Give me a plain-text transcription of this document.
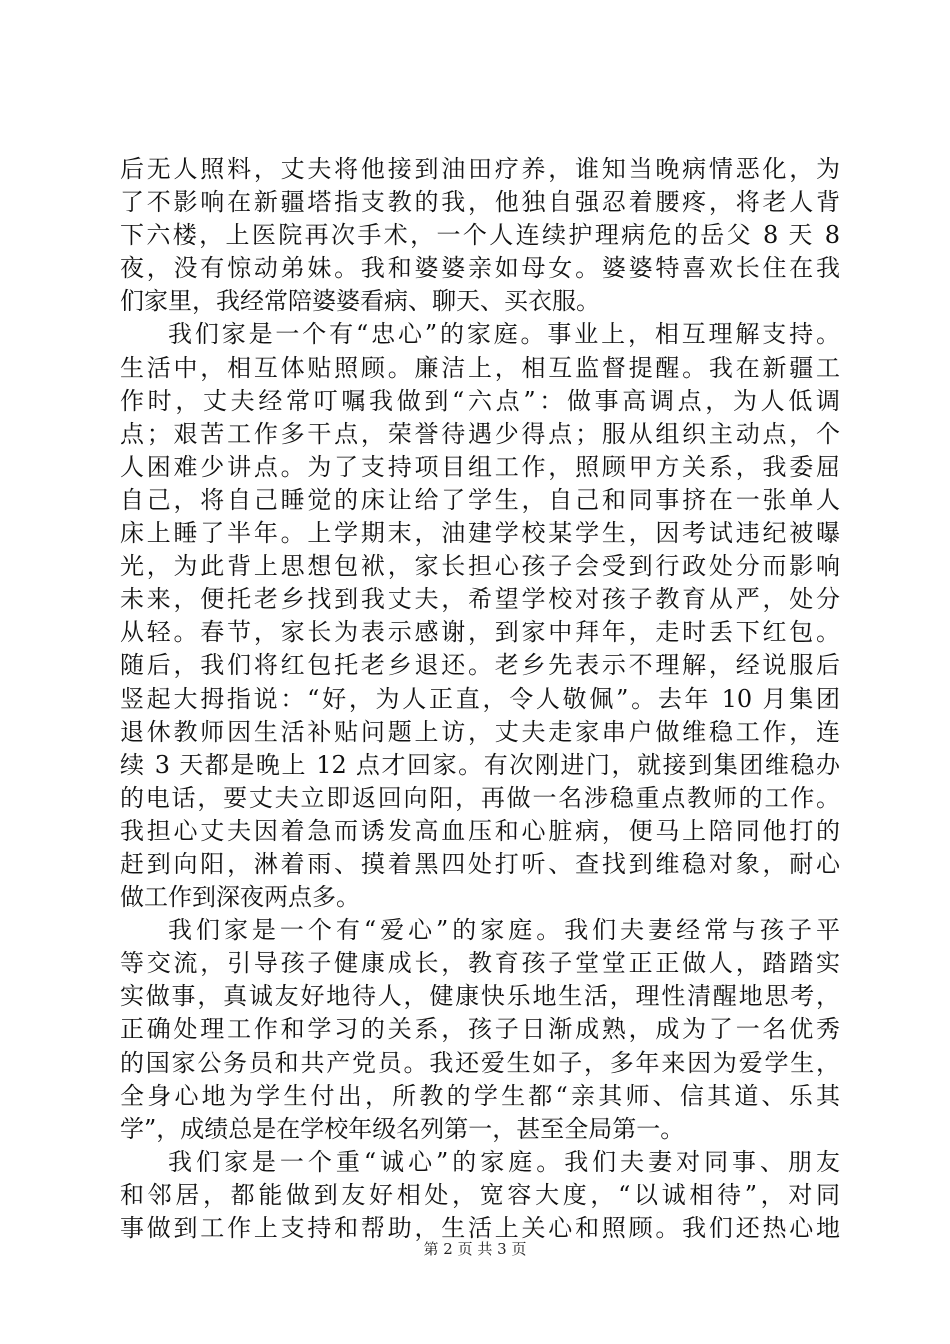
后无人照料，丈夫将他接到油田疗养，谁知当晚病情恶化，为
了不影响在新疆塔指支教的我，他独自强忍着腰疼，将老人背
下六楼，上医院再次手术，一个人连续护理病危的岳父 8 天 8
夜，没有惊动弟妹。我和婆婆亲如母女。婆婆特喜欢长住在我
们家里，我经常陪婆婆看病、聊天、买衣服。
我们家是一个有“忠心”的家庭。事业上，相互理解支持。
生活中，相互体贴照顾。廉洁上，相互监督提醒。我在新疆工
作时，丈夫经常叮嘱我做到“六点”：做事高调点，为人低调
点；艰苦工作多干点，荣誉待遇少得点；服从组织主动点，个
人困难少讲点。为了支持项目组工作，照顾甲方关系，我委屈
自己，将自己睡觉的床让给了学生，自己和同事挤在一张单人
床上睡了半年。上学期末，油建学校某学生，因考试违纪被曝
光，为此背上思想包袱，家长担心孩子会受到行政处分而影响
未来，便托老乡找到我丈夫，希望学校对孩子教育从严，处分
从轻。春节，家长为表示感谢，到家中拜年，走时丢下红包。
随后，我们将红包托老乡退还。老乡先表示不理解，经说服后
竖起大拇指说：“好，为人正直，令人敬佩”。去年 10 月集团
退休教师因生活补贴问题上访，丈夫走家串户做维稳工作，连
续 3 天都是晚上 12 点才回家。有次刚进门，就接到集团维稳办
的电话，要丈夫立即返回向阳，再做一名涉稳重点教师的工作。
我担心丈夫因着急而诱发高血压和心脏病，便马上陪同他打的
赶到向阳，淋着雨、摸着黑四处打听、查找到维稳对象，耐心
做工作到深夜两点多。
我们家是一个有“爱心”的家庭。我们夫妻经常与孩子平
等交流，引导孩子健康成长，教育孩子堂堂正正做人，踏踏实
实做事，真诚友好地待人，健康快乐地生活，理性清醒地思考，
正确处理工作和学习的关系，孩子日渐成熟，成为了一名优秀
的国家公务员和共产党员。我还爱生如子，多年来因为爱学生，
全身心地为学生付出，所教的学生都“亲其师、信其道、乐其
学”，成绩总是在学校年级名列第一，甚至全局第一。
我们家是一个重“诚心”的家庭。我们夫妻对同事、朋友
和邻居，都能做到友好相处，宽容大度，“以诚相待”，对同
事做到工作上支持和帮助，生活上关心和照顾。我们还热心地
第 2 页 共 3 页
